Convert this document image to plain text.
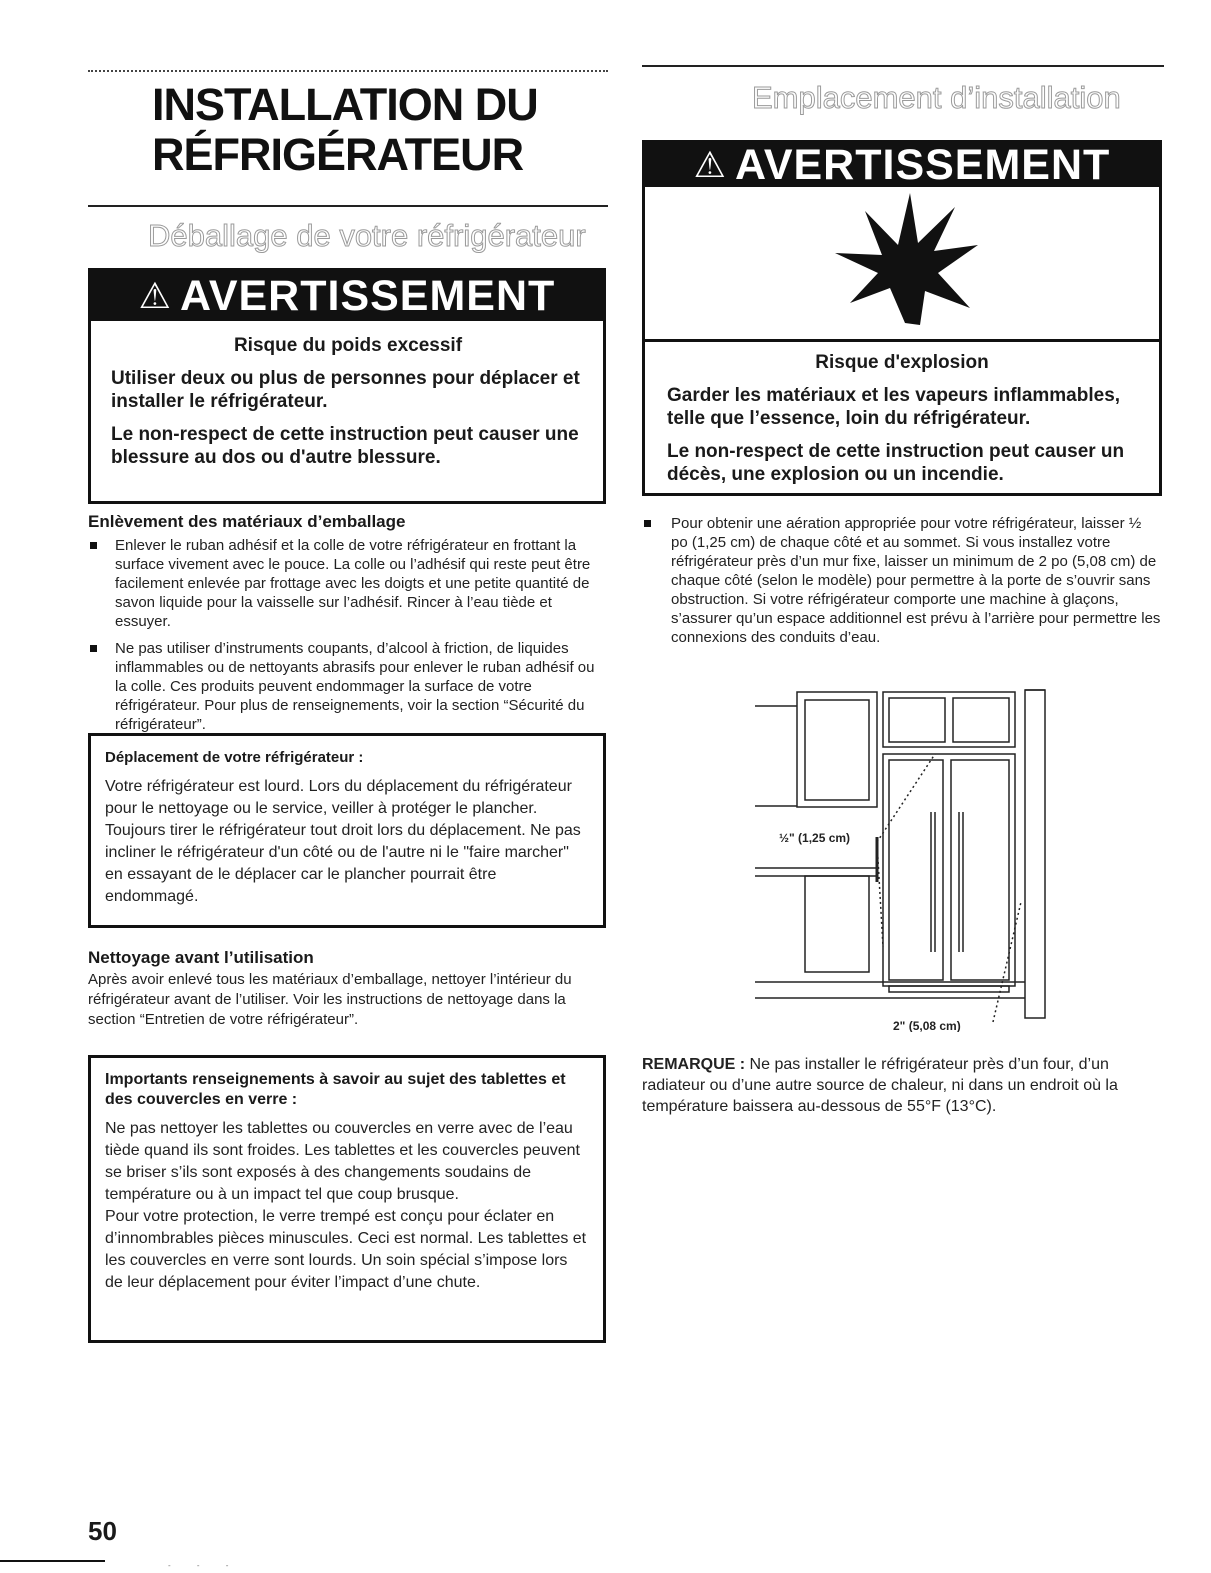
INSTALLATION DU
RÉFRIGÉRATEUR
Déballage de votre réfrigérateur
⚠ AVERTISSEMENT
Risque du poids excessif
Utiliser deux ou plus de personnes pour déplacer et installer le réfrigérateur.
Le non-respect de cette instruction peut causer une blessure au dos ou d'autre blessure.
Enlèvement des matériaux d’emballage
Enlever le ruban adhésif et la colle de votre réfrigérateur en frottant la surface vivement avec le pouce. La colle ou l’adhésif qui reste peut être facilement enlevée par frottage avec les doigts et une petite quantité de savon liquide pour la vaisselle sur l’adhésif. Rincer à l’eau tiède et essuyer.
Ne pas utiliser d’instruments coupants, d’alcool à friction, de liquides inflammables ou de nettoyants abrasifs pour enlever le ruban adhésif ou la colle. Ces produits peuvent endommager la surface de votre réfrigérateur. Pour plus de renseignements, voir la section “Sécurité du réfrigérateur”.
Déplacement de votre réfrigérateur :
Votre réfrigérateur est lourd. Lors du déplacement du réfrigérateur pour le nettoyage ou le service, veiller à protéger le plancher. Toujours tirer le réfrigérateur tout droit lors du déplacement. Ne pas incliner le réfrigérateur d'un côté ou de l'autre ni le "faire marcher" en essayant de le déplacer car le plancher pourrait être endommagé.
Nettoyage avant l’utilisation
Après avoir enlevé tous les matériaux d’emballage, nettoyer l’intérieur du réfrigérateur avant de l’utiliser. Voir les instructions de nettoyage dans la section “Entretien de votre réfrigérateur”.
Importants renseignements à savoir au sujet des tablettes et des couvercles en verre :
Ne pas nettoyer les tablettes ou couvercles en verre avec de l’eau tiède quand ils sont froides. Les tablettes et les couvercles peuvent se briser s’ils sont exposés à des changements soudains de température ou à un impact tel que coup brusque.
Pour votre protection, le verre trempé est conçu pour éclater en d’innombrables pièces minuscules. Ceci est normal. Les tablettes et les couvercles en verre sont lourds. Un soin spécial s’impose lors de leur déplacement pour éviter l’impact d’une chute.
Emplacement d’installation
⚠ AVERTISSEMENT
Risque d'explosion
Garder les matériaux et les vapeurs inflammables, telle que l’essence, loin du réfrigérateur.
Le non-respect de cette instruction peut causer un décès, une explosion ou un incendie.
Pour obtenir une aération appropriée pour votre réfrigérateur, laisser ½ po (1,25 cm) de chaque côté et au sommet. Si vous installez votre réfrigérateur près d’un mur fixe, laisser un minimum de 2 po (5,08 cm) de chaque côté (selon le modèle) pour permettre à la porte de s’ouvrir sans obstruction. Si votre réfrigérateur comporte une machine à glaçons, s’assurer qu’un espace additionnel est prévu à l’arrière pour permettre les connexions des conduits d’eau.
½" (1,25 cm)
2" (5,08 cm)
REMARQUE : Ne pas installer le réfrigérateur près d’un four, d’un radiateur ou d’une autre source de chaleur, ni dans un endroit où la température baissera au-dessous de 55°F (13°C).
50
- - -
